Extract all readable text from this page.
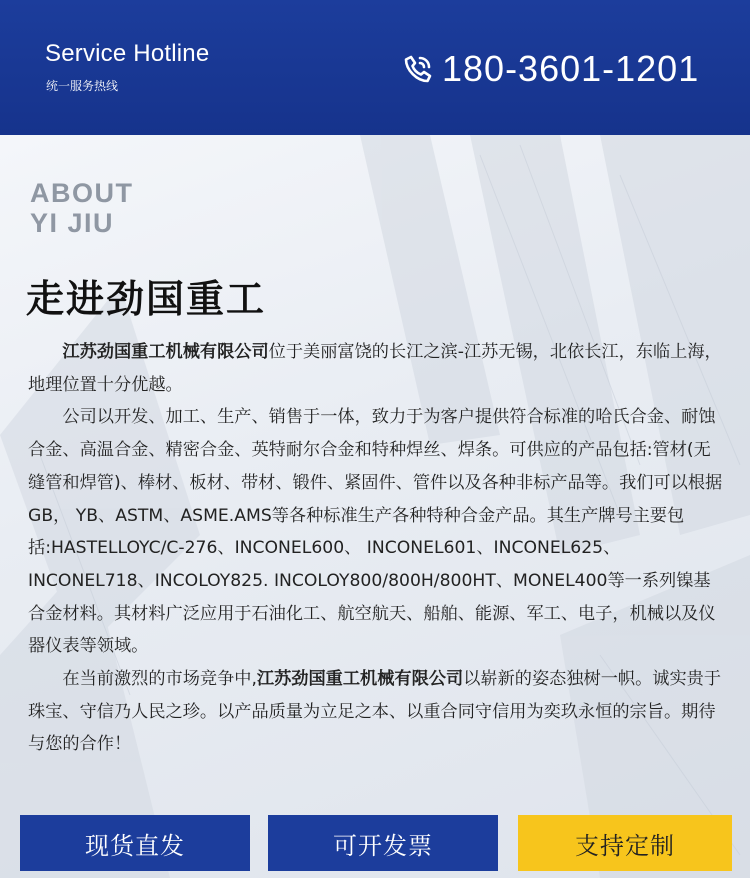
Service Hotline
统一服务热线	180-3601-1201
ABOUT
YI JIU
走进劲国重工

江苏劲国重工机械有限公司位于美丽富饶的长江之滨-江苏无锡，北依长江，东临上海，地理位置十分优越。

公司以开发、加工、生产、销售于一体，致力于为客户提供符合标准的哈氏合金、耐蚀合金、高温合金、精密合金、英特耐尔合金和特种焊丝、焊条。可供应的产品包括:管材(无缝管和焊管)、棒材、板材、带材、锻件、紧固件、管件以及各种非标产品等。我们可以根据GB， YB、ASTM、ASME.AMS等各种标准生产各种特种合金产品。其生产牌号主要包括:HASTELLOYC/C-276、INCONEL600、 INCONEL601、INCONEL625、INCONEL718、INCOLOY825. INCOLOY800/800H/800HT、MONEL400等一系列镍基合金材料。其材料广泛应用于石油化工、航空航天、船舶、能源、军工、电子，机械以及仪器仪表等领域。

在当前激烈的市场竞争中,江苏劲国重工机械有限公司以崭新的姿态独树一帜。诚实贵于珠宝、守信乃人民之珍。以产品质量为立足之本、以重合同守信用为奕玖永恒的宗旨。期待与您的合作！

现货直发	可开发票	支持定制
